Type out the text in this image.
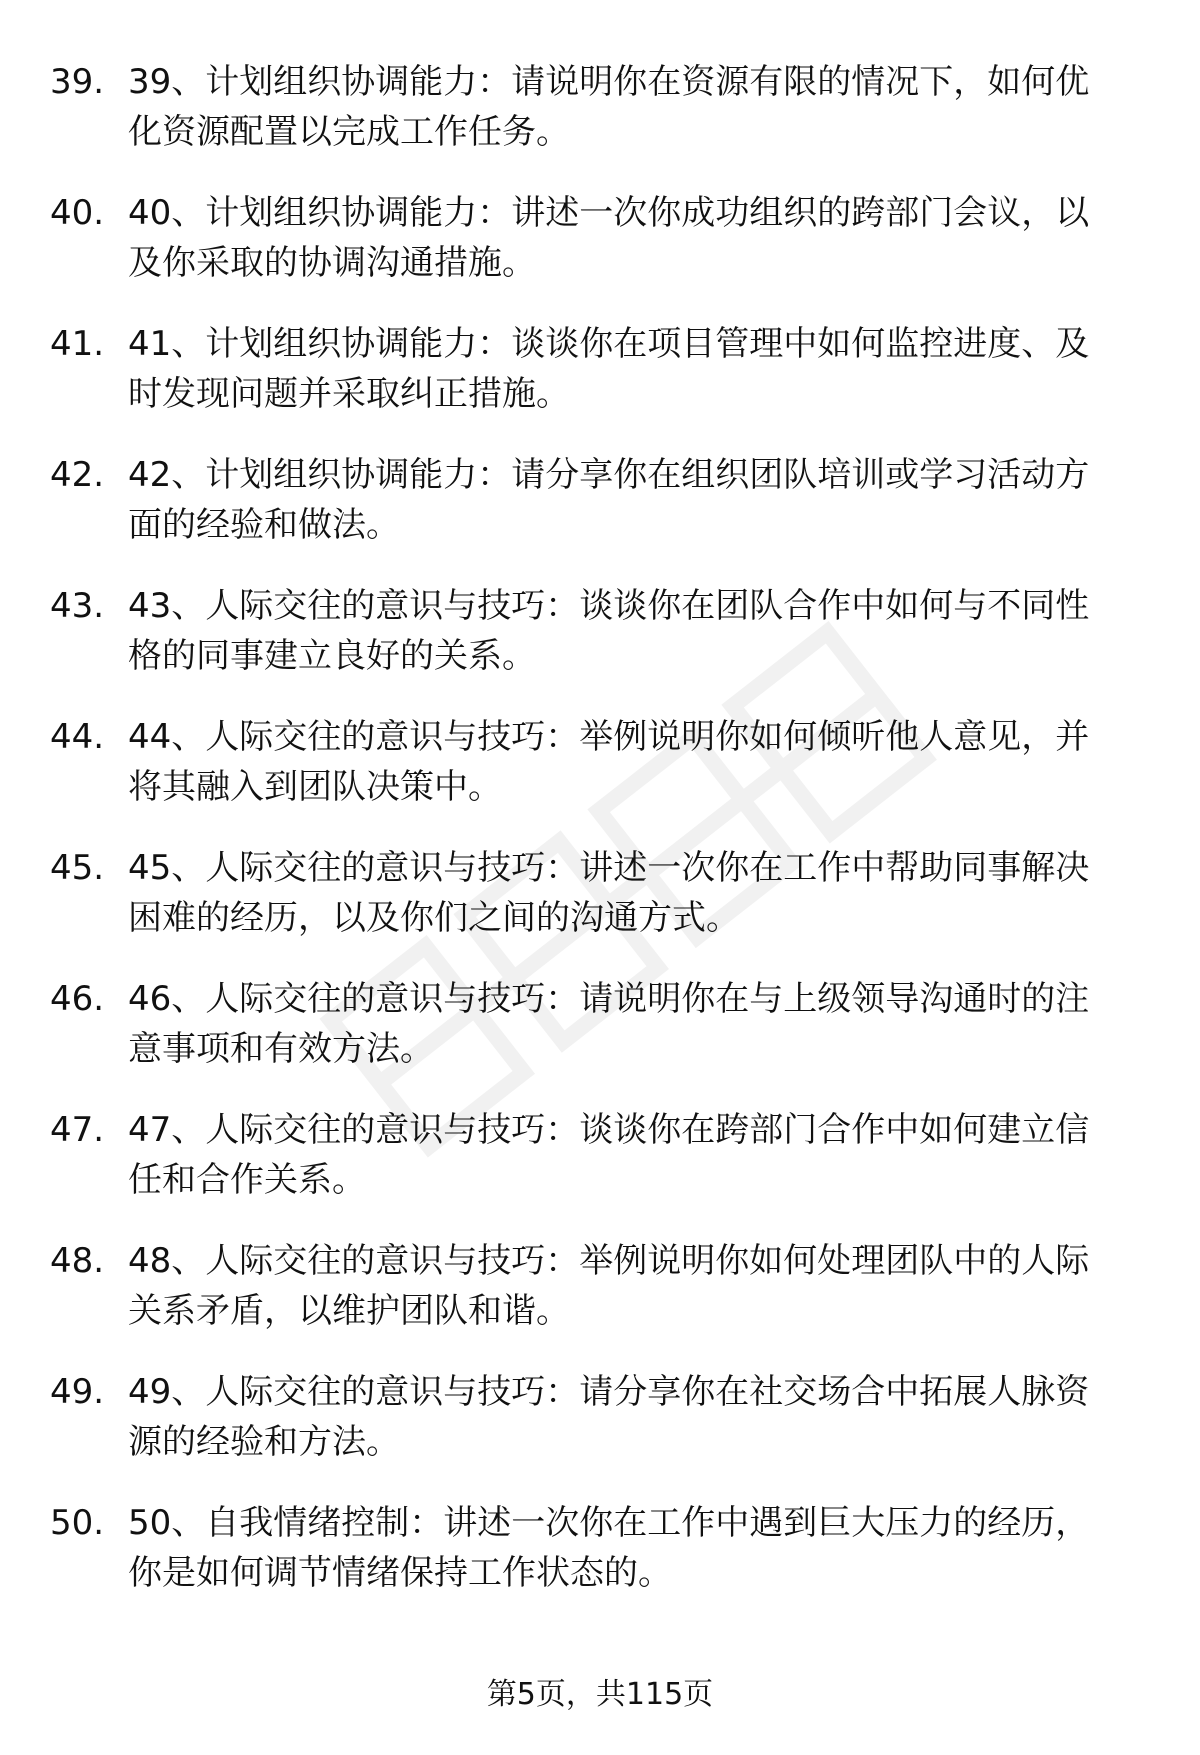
39. 39、计划组织协调能力：请说明你在资源有限的情况下，如何优
化资源配置以完成工作任务。
40. 40、计划组织协调能力：讲述一次你成功组织的跨部门会议，以
及你采取的协调沟通措施。
41. 41、计划组织协调能力：谈谈你在项目管理中如何监控进度、及
时发现问题并采取纠正措施。
42. 42、计划组织协调能力：请分享你在组织团队培训或学习活动方
面的经验和做法。
43. 43、人际交往的意识与技巧：谈谈你在团队合作中如何与不同性
格的同事建立良好的关系。
44. 44、人际交往的意识与技巧：举例说明你如何倾听他人意见，并
将其融入到团队决策中。
45. 45、人际交往的意识与技巧：讲述一次你在工作中帮助同事解决
困难的经历，以及你们之间的沟通方式。
46. 46、人际交往的意识与技巧：请说明你在与上级领导沟通时的注
意事项和有效方法。
47. 47、人际交往的意识与技巧：谈谈你在跨部门合作中如何建立信
任和合作关系。
48. 48、人际交往的意识与技巧：举例说明你如何处理团队中的人际
关系矛盾，以维护团队和谐。
49. 49、人际交往的意识与技巧：请分享你在社交场合中拓展人脉资
源的经验和方法。
50. 50、自我情绪控制：讲述一次你在工作中遇到巨大压力的经历，
你是如何调节情绪保持工作状态的。
第5页，共115页
